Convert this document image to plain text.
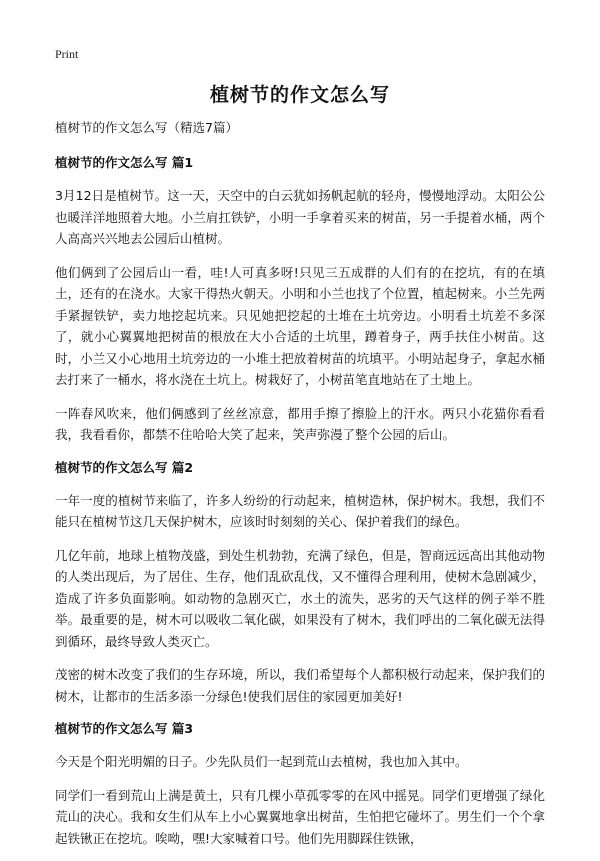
Print
植树节的作文怎么写
植树节的作文怎么写（精选7篇）
植树节的作文怎么写 篇1

3月12日是植树节。这一天，天空中的白云犹如扬帆起航的轻舟，慢慢地浮动。太阳公公也暖洋洋地照着大地。小兰肩扛铁铲，小明一手拿着买来的树苗，另一手提着水桶，两个人高高兴兴地去公园后山植树。

他们俩到了公园后山一看，哇!人可真多呀!只见三五成群的人们有的在挖坑，有的在填土，还有的在浇水。大家干得热火朝天。小明和小兰也找了个位置，植起树来。小兰先两手紧握铁铲，卖力地挖起坑来。只见她把挖起的土堆在土坑旁边。小明看土坑差不多深了，就小心翼翼地把树苗的根放在大小合适的土坑里，蹲着身子，两手扶住小树苗。这时，小兰又小心地用土坑旁边的一小堆土把放着树苗的坑填平。小明站起身子，拿起水桶去打来了一桶水，将水浇在土坑上。树栽好了，小树苗笔直地站在了土地上。

一阵春风吹来，他们俩感到了丝丝凉意，都用手擦了擦脸上的汗水。两只小花猫你看看我，我看看你，都禁不住哈哈大笑了起来，笑声弥漫了整个公园的后山。

植树节的作文怎么写 篇2

一年一度的植树节来临了，许多人纷纷的行动起来，植树造林，保护树木。我想，我们不能只在植树节这几天保护树木，应该时时刻刻的关心、保护着我们的绿色。

几亿年前，地球上植物茂盛，到处生机勃勃，充满了绿色，但是，智商远远高出其他动物的人类出现后，为了居住、生存，他们乱砍乱伐，又不懂得合理利用，使树木急剧减少，造成了许多负面影响。如动物的急剧灭亡，水土的流失，恶劣的天气这样的例子举不胜举。最重要的是，树木可以吸收二氧化碳，如果没有了树木，我们呼出的二氧化碳无法得到循环，最终导致人类灭亡。

茂密的树木改变了我们的生存环境，所以，我们希望每个人都积极行动起来，保护我们的树木，让都市的生活多添一分绿色!使我们居住的家园更加美好!

植树节的作文怎么写 篇3

今天是个阳光明媚的日子。少先队员们一起到荒山去植树，我也加入其中。

同学们一看到荒山上满是黄土，只有几棵小草孤零零的在风中摇晃。同学们更增强了绿化荒山的决心。我和女生们从车上小心翼翼地拿出树苗，生怕把它碰坏了。男生们一个个拿起铁锹正在挖坑。唉呦，嘿!大家喊着口号。他们先用脚踩住铁锹，
